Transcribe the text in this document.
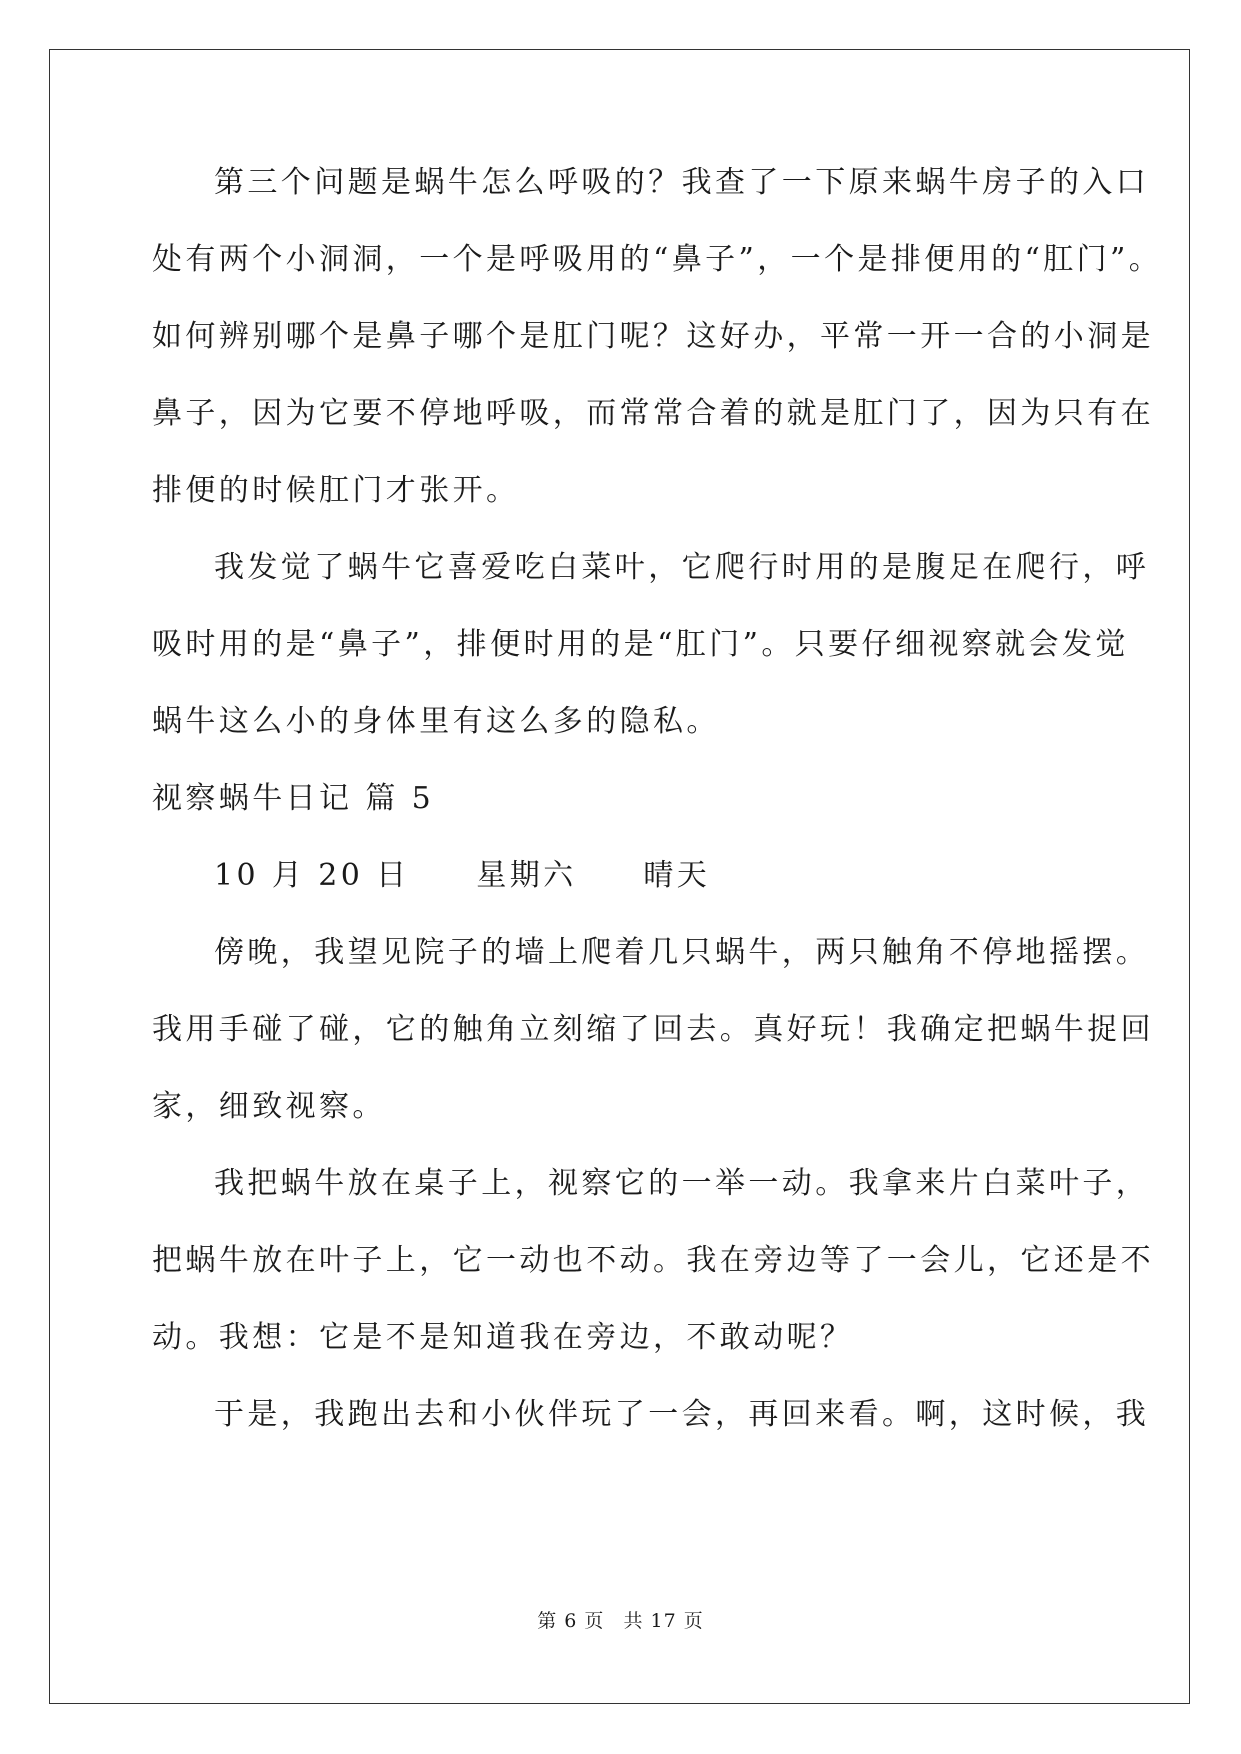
第三个问题是蜗牛怎么呼吸的？我查了一下原来蜗牛房子的入口
处有两个小洞洞，一个是呼吸用的“鼻子”，一个是排便用的“肛门”。
如何辨别哪个是鼻子哪个是肛门呢？这好办，平常一开一合的小洞是
鼻子，因为它要不停地呼吸，而常常合着的就是肛门了，因为只有在
排便的时候肛门才张开。
我发觉了蜗牛它喜爱吃白菜叶，它爬行时用的是腹足在爬行，呼
吸时用的是“鼻子”，排便时用的是“肛门”。只要仔细视察就会发觉
蜗牛这么小的身体里有这么多的隐私。
视察蜗牛日记 篇 5
10 月 20 日　　星期六　　晴天
傍晚，我望见院子的墙上爬着几只蜗牛，两只触角不停地摇摆。
我用手碰了碰，它的触角立刻缩了回去。真好玩！我确定把蜗牛捉回
家，细致视察。
我把蜗牛放在桌子上，视察它的一举一动。我拿来片白菜叶子，
把蜗牛放在叶子上，它一动也不动。我在旁边等了一会儿，它还是不
动。我想：它是不是知道我在旁边，不敢动呢？
于是，我跑出去和小伙伴玩了一会，再回来看。啊，这时候，我
第 6 页 共 17 页
